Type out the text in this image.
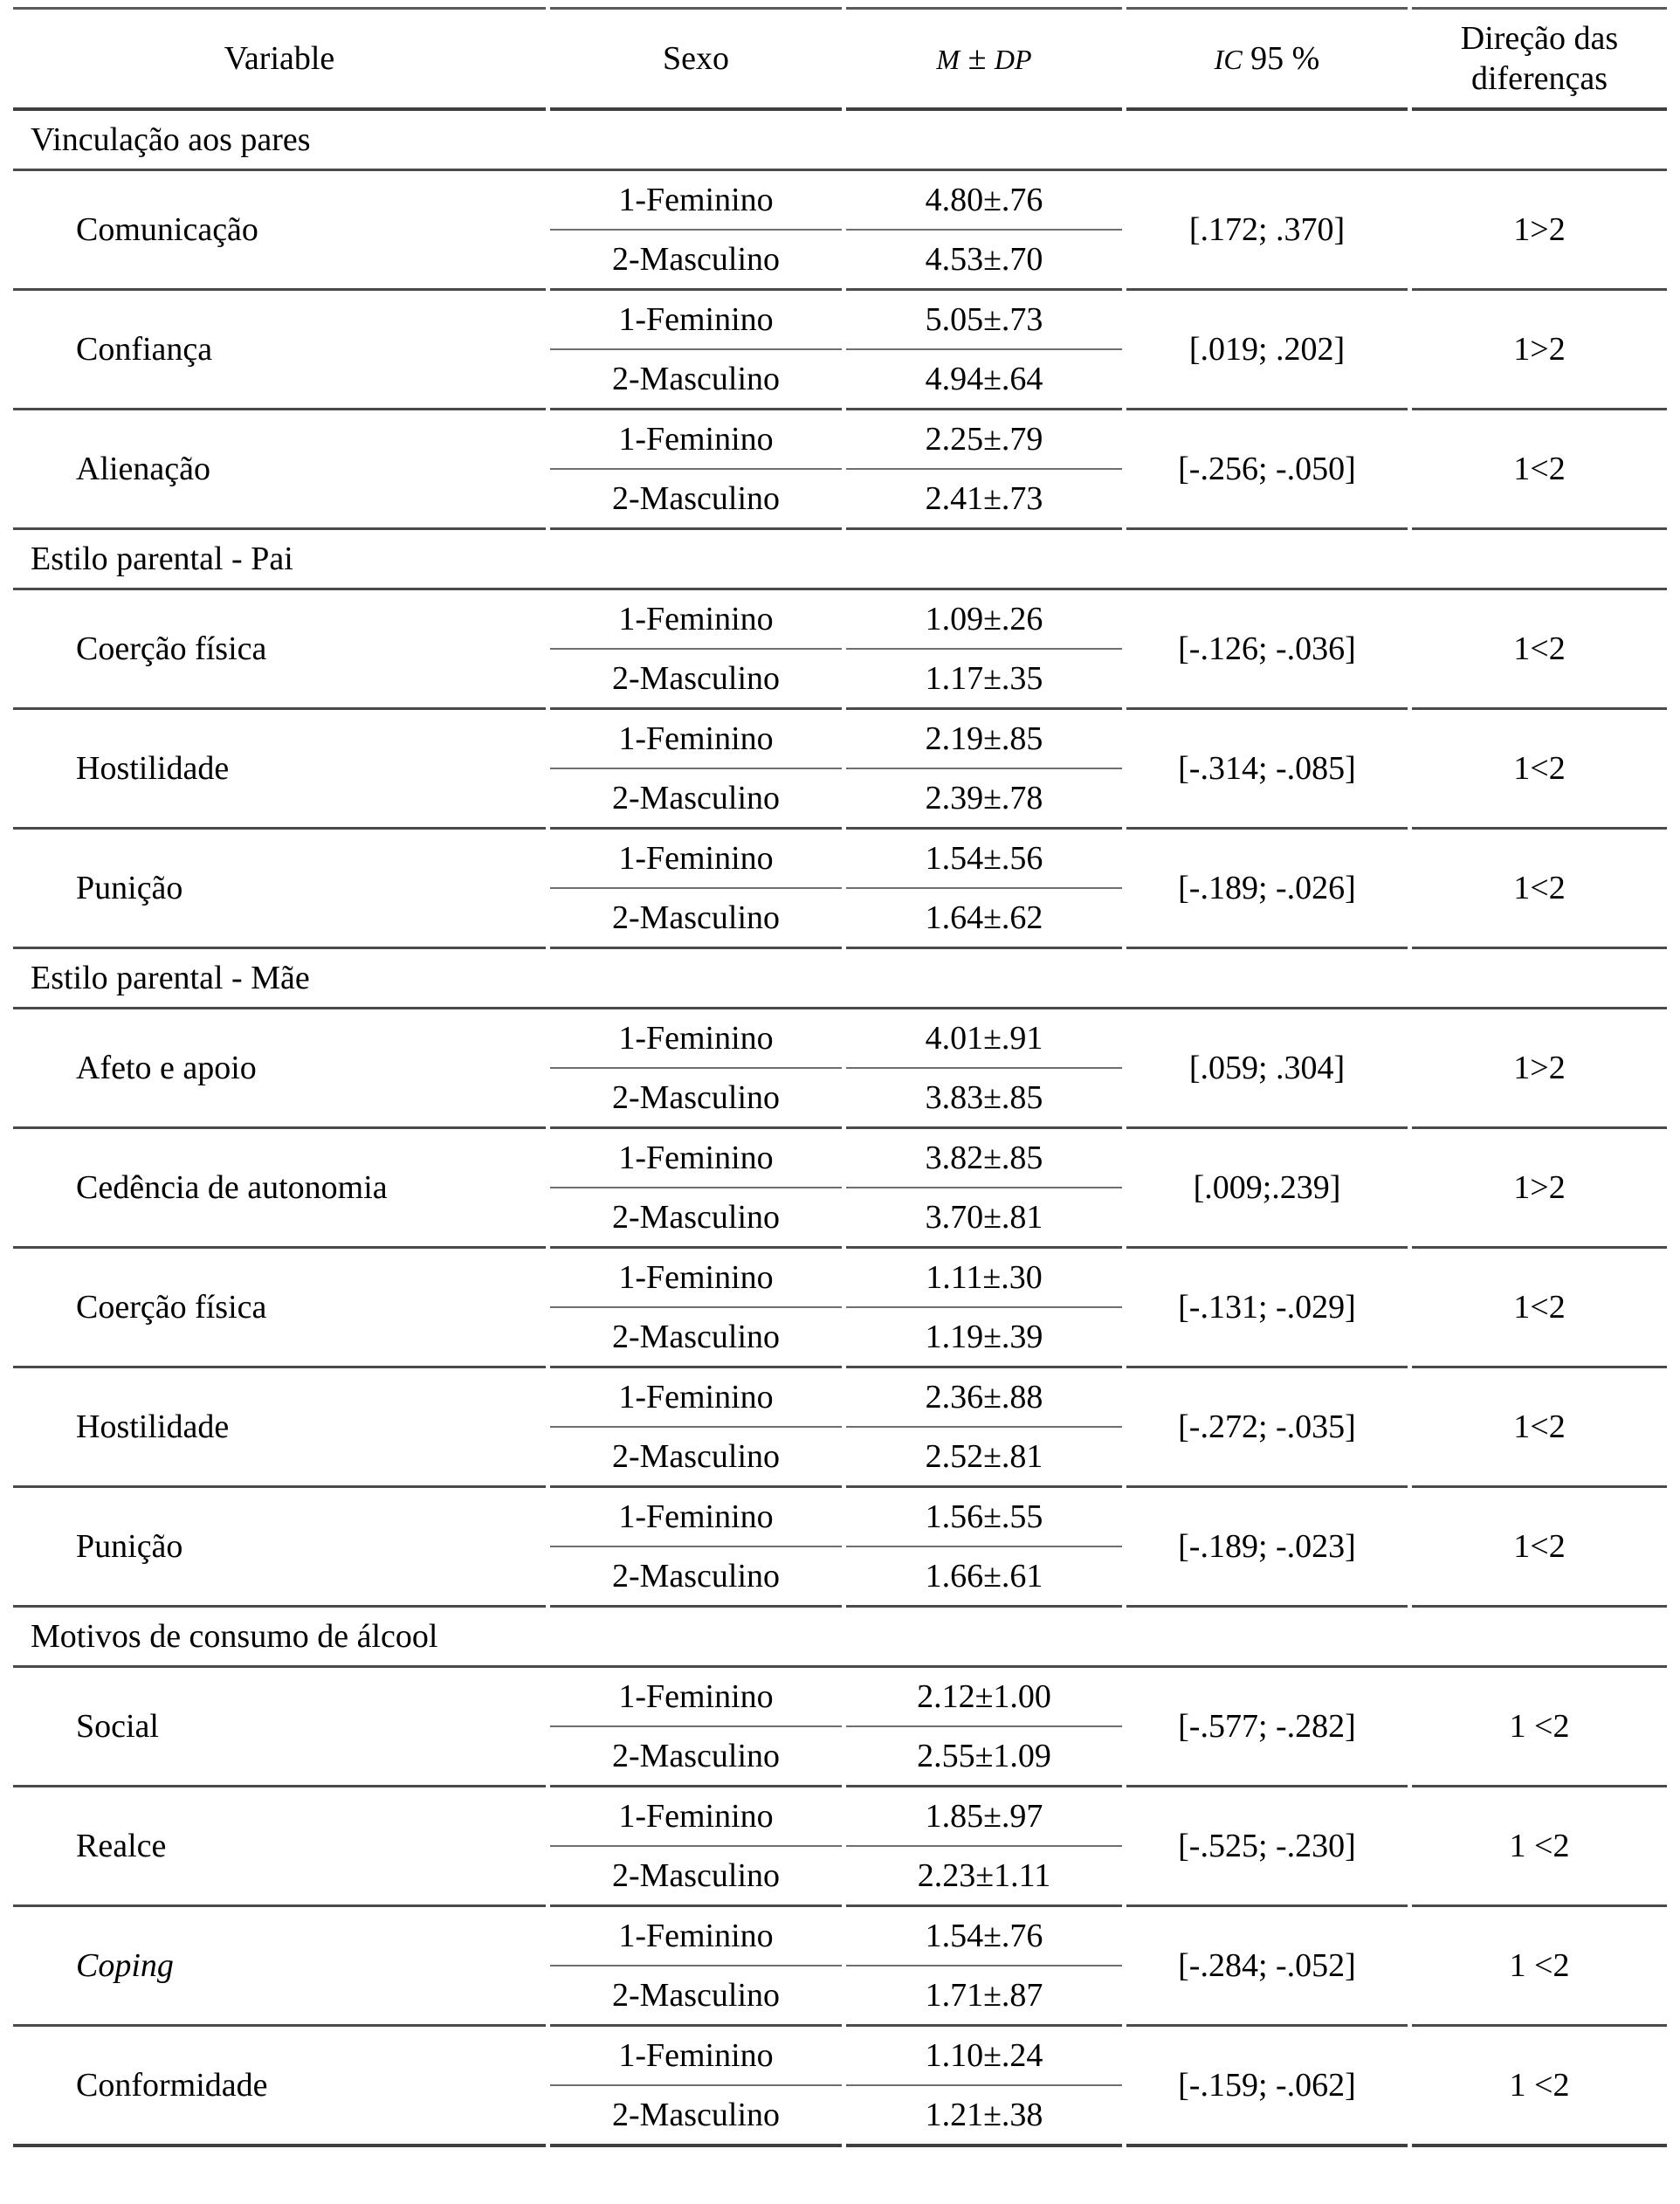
Variable	Sexo	M ± DP	IC 95 %	Direção das diferenças
Vinculação aos pares				
Comunicação	1-Feminino	4.80±.76	[.172; .370]	1>2
	2-Masculino	4.53±.70		
Confiança	1-Feminino	5.05±.73	[.019; .202]	1>2
	2-Masculino	4.94±.64		
Alienação	1-Feminino	2.25±.79	[-.256; -.050]	1<2
	2-Masculino	2.41±.73		
Estilo parental - Pai				
Coerção física	1-Feminino	1.09±.26	[-.126; -.036]	1<2
	2-Masculino	1.17±.35		
Hostilidade	1-Feminino	2.19±.85	[-.314; -.085]	1<2
	2-Masculino	2.39±.78		
Punição	1-Feminino	1.54±.56	[-.189; -.026]	1<2
	2-Masculino	1.64±.62		
Estilo parental - Mãe				
Afeto e apoio	1-Feminino	4.01±.91	[.059; .304]	1>2
	2-Masculino	3.83±.85		
Cedência de autonomia	1-Feminino	3.82±.85	[.009;.239]	1>2
	2-Masculino	3.70±.81		
Coerção física	1-Feminino	1.11±.30	[-.131; -.029]	1<2
	2-Masculino	1.19±.39		
Hostilidade	1-Feminino	2.36±.88	[-.272; -.035]	1<2
	2-Masculino	2.52±.81		
Punição	1-Feminino	1.56±.55	[-.189; -.023]	1<2
	2-Masculino	1.66±.61		
Motivos de consumo de álcool				
Social	1-Feminino	2.12±1.00	[-.577; -.282]	1 <2
	2-Masculino	2.55±1.09		
Realce	1-Feminino	1.85±.97	[-.525; -.230]	1 <2
	2-Masculino	2.23±1.11		
Coping	1-Feminino	1.54±.76	[-.284; -.052]	1 <2
	2-Masculino	1.71±.87		
Conformidade	1-Feminino	1.10±.24	[-.159; -.062]	1 <2
	2-Masculino	1.21±.38		
